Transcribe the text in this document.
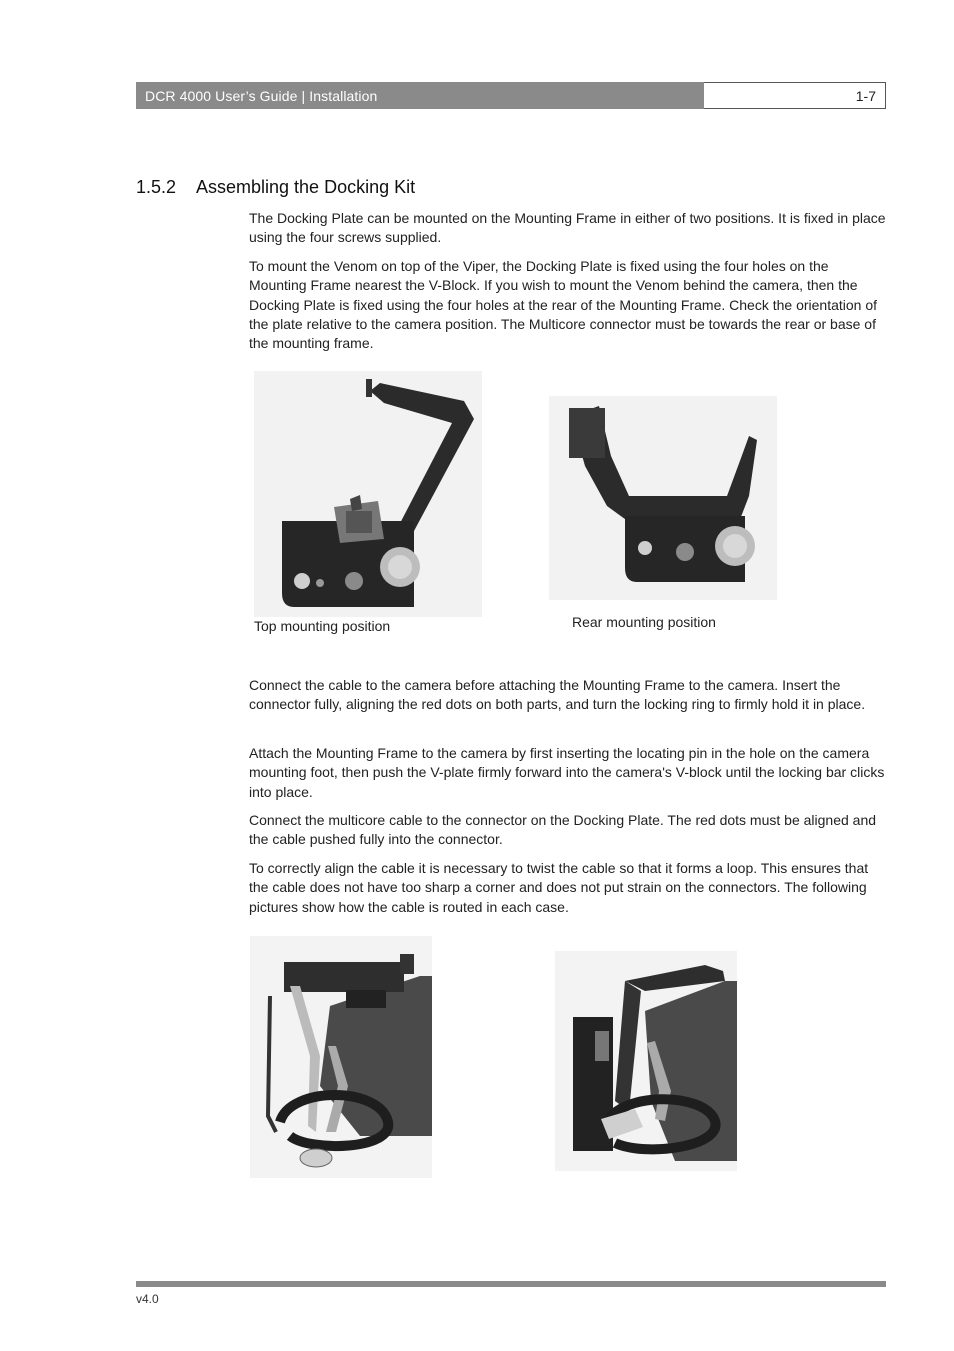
DCR 4000 User’s Guide | Installation	1-7
1.5.2 Assembling the Docking Kit

The Docking Plate can be mounted on the Mounting Frame in either of two positions. It is fixed in place using the four screws supplied.

To mount the Venom on top of the Viper, the Docking Plate is fixed using the four holes on the Mounting Frame nearest the V-Block. If you wish to mount the Venom behind the camera, then the Docking Plate is fixed using the four holes at the rear of the Mounting Frame. Check the orientation of the plate relative to the camera position. The Multicore connector must be towards the rear or base of the mounting frame.

Top mounting position	Rear mounting position

Connect the cable to the camera before attaching the Mounting Frame to the camera. Insert the connector fully, aligning the red dots on both parts, and turn the locking ring to firmly hold it in place.

Attach the Mounting Frame to the camera by first inserting the locating pin in the hole on the camera mounting foot, then push the V-plate firmly forward into the camera's V-block until the locking bar clicks into place.

Connect the multicore cable to the connector on the Docking Plate. The red dots must be aligned and the cable pushed fully into the connector.

To correctly align the cable it is necessary to twist the cable so that it forms a loop. This ensures that the cable does not have too sharp a corner and does not put strain on the connectors. The following pictures show how the cable is routed in each case.

v4.0
